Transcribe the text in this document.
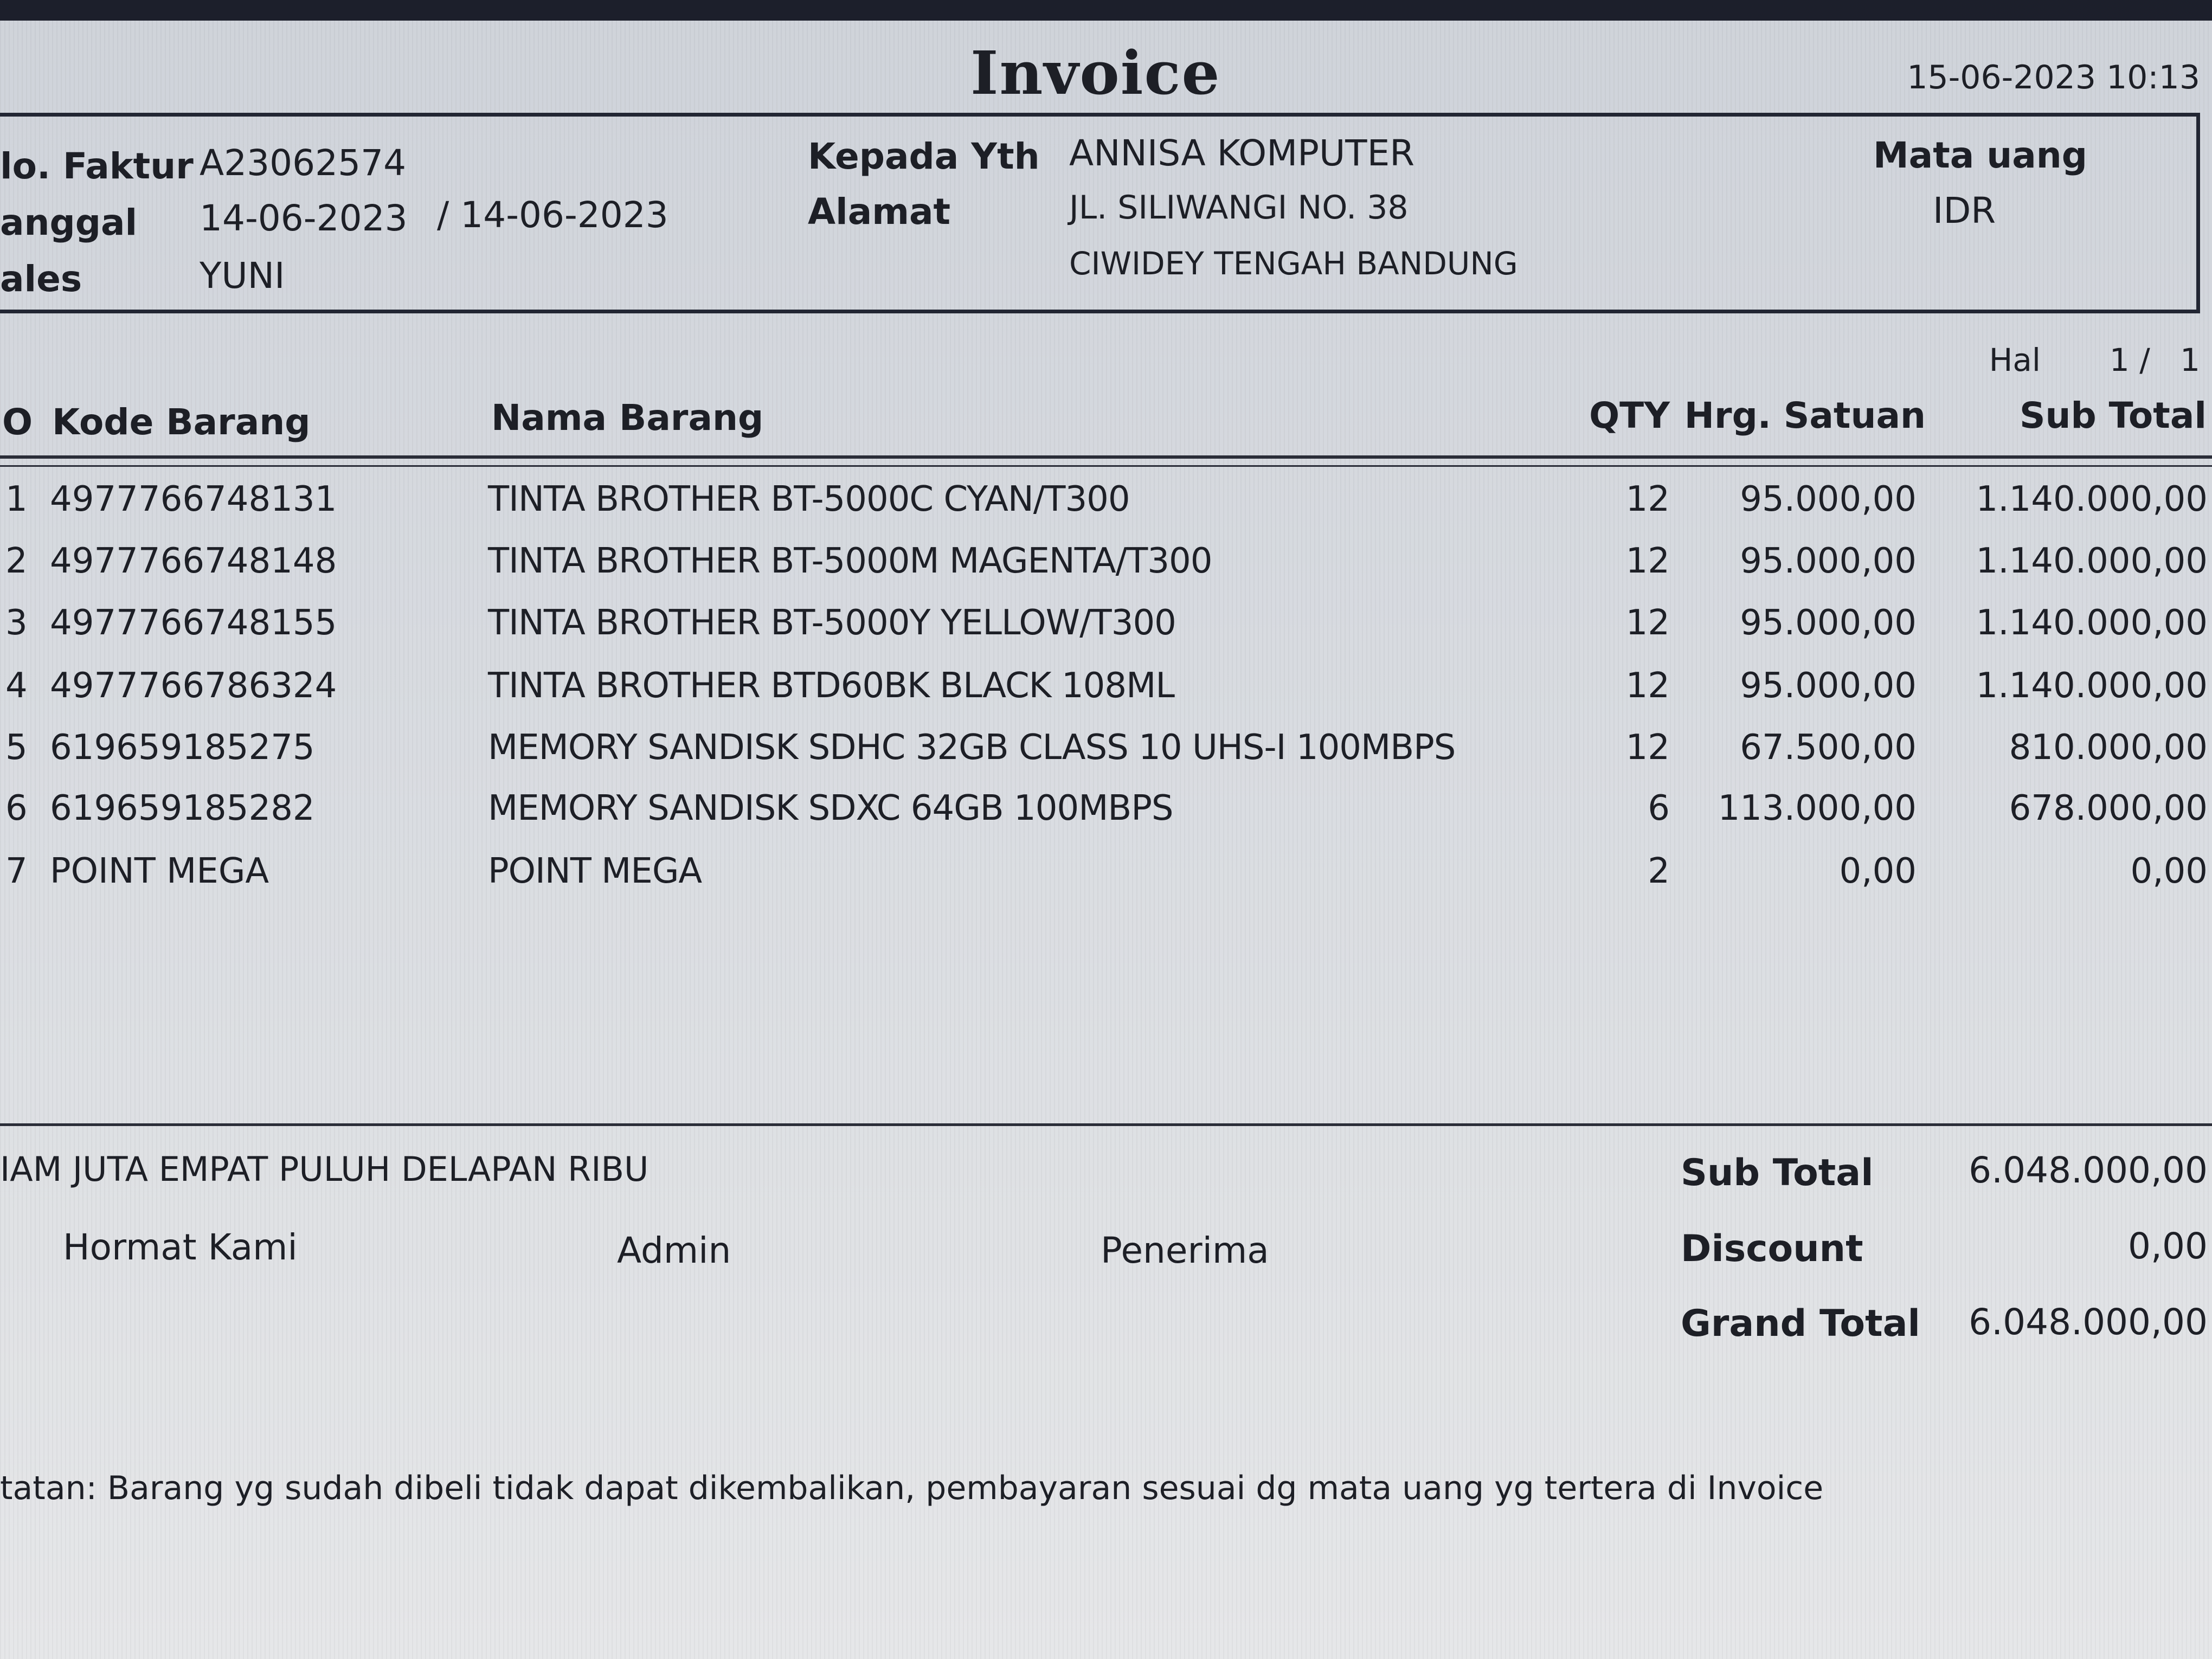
Invoice	15-06-2023 10:13
lo. Faktur A23062574
anggal 14-06-2023 / 14-06-2023
ales	YUNI
Kepada Yth ANNISA KOMPUTER
Alamat	JL. SILIWANGI NO. 38
CIWIDEY TENGAH BANDUNG
Mata uang
IDR
Hal 1 /   1
O Kode Barang	Nama Barang	QTY Hrg. Satuan	Sub Total
1 4977766748131	TINTA BROTHER BT-5000C CYAN/T300	12 95.000,00 1.140.000,00
2 4977766748148	TINTA BROTHER BT-5000M MAGENTA/T300	12 95.000,00 1.140.000,00
3 4977766748155	TINTA BROTHER BT-5000Y YELLOW/T300	12 95.000,00 1.140.000,00
4 4977766786324	TINTA BROTHER BTD60BK BLACK 108ML	12 95.000,00 1.140.000,00
5 619659185275	MEMORY SANDISK SDHC 32GB CLASS 10 UHS-I 100MBPS	12 67.500,00	810.000,00
6 619659185282	MEMORY SANDISK SDXC 64GB 100MBPS	6 113.000,00	678.000,00
7 POINT MEGA	POINT MEGA	2	0,00	0,00
IAM JUTA EMPAT PULUH DELAPAN RIBU
Hormat Kami	Admin	Penerima
Sub Total	6.048.000,00
Discount	0,00
Grand Total 6.048.000,00
tatan: Barang yg sudah dibeli tidak dapat dikembalikan, pembayaran sesuai dg mata uang yg tertera di Invoice
